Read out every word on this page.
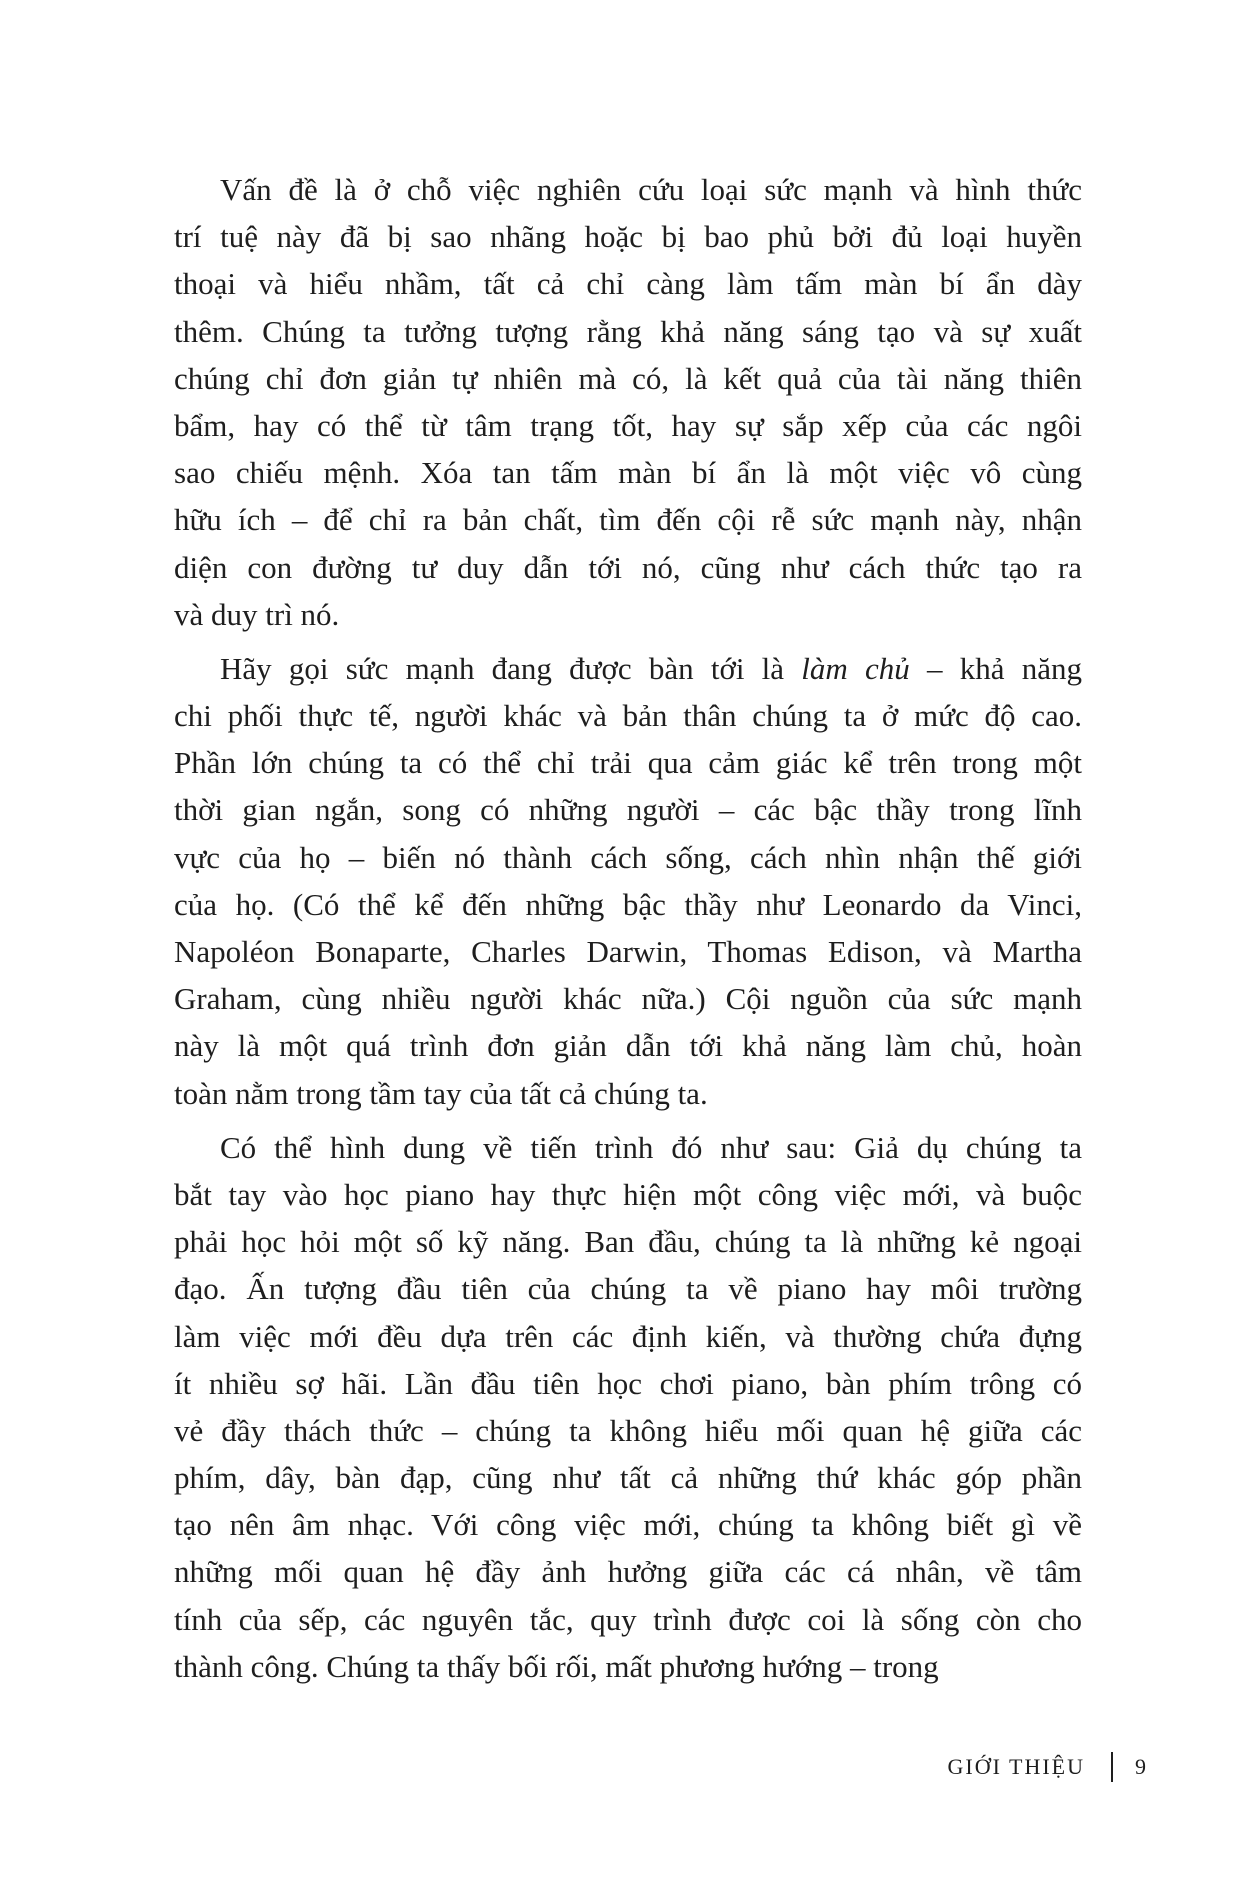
Vấn đề là ở chỗ việc nghiên cứu loại sức mạnh và hình thức
trí tuệ này đã bị sao nhãng hoặc bị bao phủ bởi đủ loại huyền
thoại và hiểu nhầm, tất cả chỉ càng làm tấm màn bí ẩn dày
thêm. Chúng ta tưởng tượng rằng khả năng sáng tạo và sự xuất
chúng chỉ đơn giản tự nhiên mà có, là kết quả của tài năng thiên
bẩm, hay có thể từ tâm trạng tốt, hay sự sắp xếp của các ngôi
sao chiếu mệnh. Xóa tan tấm màn bí ẩn là một việc vô cùng
hữu ích – để chỉ ra bản chất, tìm đến cội rễ sức mạnh này, nhận
diện con đường tư duy dẫn tới nó, cũng như cách thức tạo ra
và duy trì nó.
Hãy gọi sức mạnh đang được bàn tới là làm chủ – khả năng
chi phối thực tế, người khác và bản thân chúng ta ở mức độ cao.
Phần lớn chúng ta có thể chỉ trải qua cảm giác kể trên trong một
thời gian ngắn, song có những người – các bậc thầy trong lĩnh
vực của họ – biến nó thành cách sống, cách nhìn nhận thế giới
của họ. (Có thể kể đến những bậc thầy như Leonardo da Vinci,
Napoléon Bonaparte, Charles Darwin, Thomas Edison, và Martha
Graham, cùng nhiều người khác nữa.) Cội nguồn của sức mạnh
này là một quá trình đơn giản dẫn tới khả năng làm chủ, hoàn
toàn nằm trong tầm tay của tất cả chúng ta.
Có thể hình dung về tiến trình đó như sau: Giả dụ chúng ta
bắt tay vào học piano hay thực hiện một công việc mới, và buộc
phải học hỏi một số kỹ năng. Ban đầu, chúng ta là những kẻ ngoại
đạo. Ấn tượng đầu tiên của chúng ta về piano hay môi trường
làm việc mới đều dựa trên các định kiến, và thường chứa đựng
ít nhiều sợ hãi. Lần đầu tiên học chơi piano, bàn phím trông có
vẻ đầy thách thức – chúng ta không hiểu mối quan hệ giữa các
phím, dây, bàn đạp, cũng như tất cả những thứ khác góp phần
tạo nên âm nhạc. Với công việc mới, chúng ta không biết gì về
những mối quan hệ đầy ảnh hưởng giữa các cá nhân, về tâm
tính của sếp, các nguyên tắc, quy trình được coi là sống còn cho
thành công. Chúng ta thấy bối rối, mất phương hướng – trong
GIỚI THIỆU 9
